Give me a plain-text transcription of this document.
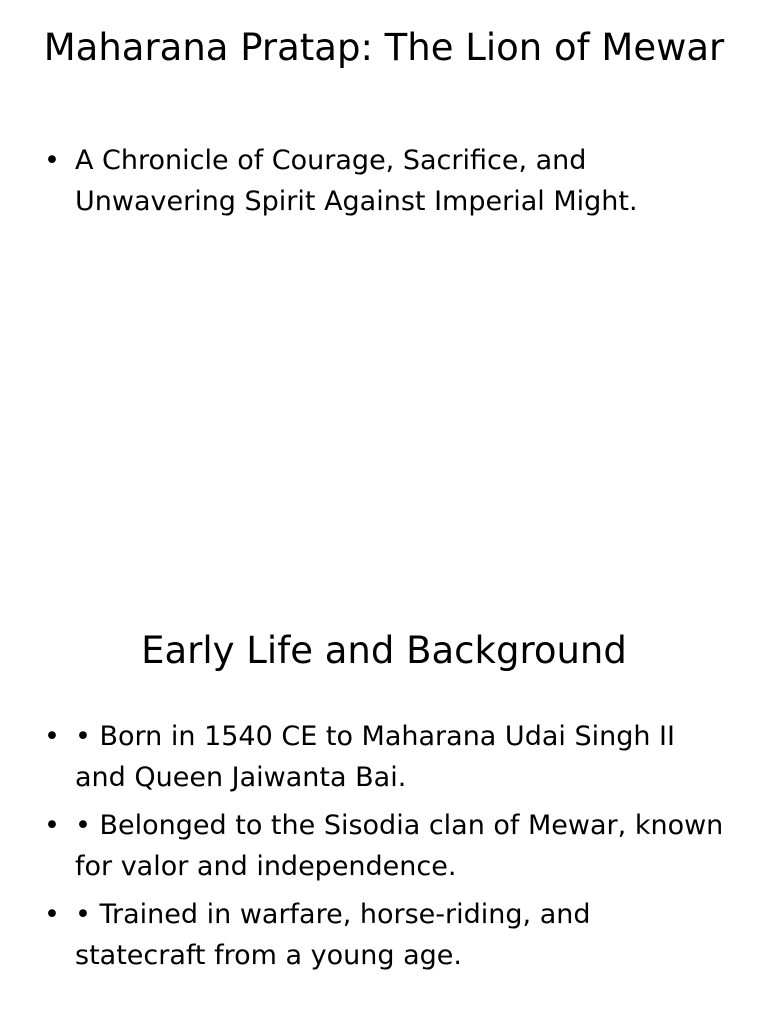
Maharana Pratap: The Lion of Mewar
• A Chronicle of Courage, Sacrifice, and Unwavering Spirit Against Imperial Might.
Early Life and Background
• • Born in 1540 CE to Maharana Udai Singh II and Queen Jaiwanta Bai.
• • Belonged to the Sisodia clan of Mewar, known for valor and independence.
• • Trained in warfare, horse-riding, and statecraft from a young age.
